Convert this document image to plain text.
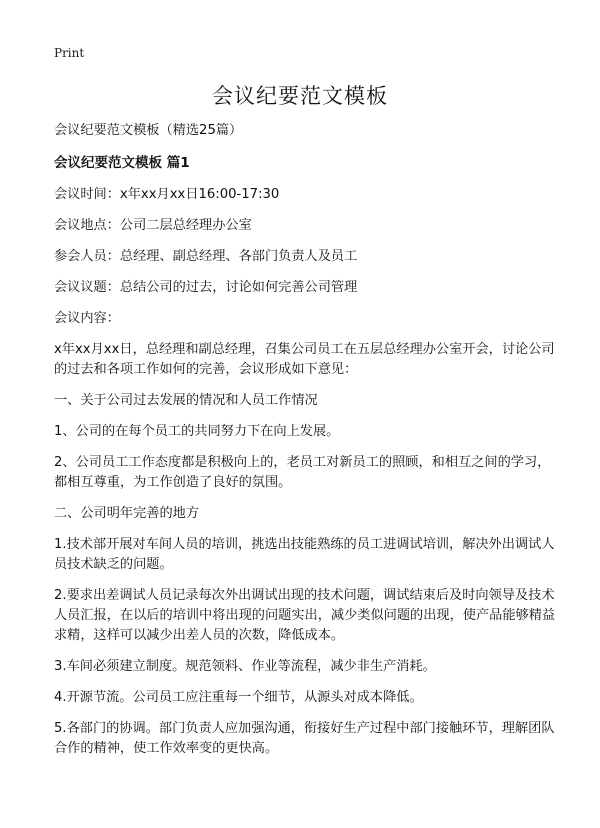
Print
会议纪要范文模板
会议纪要范文模板（精选25篇）
会议纪要范文模板 篇1
会议时间：x年xx月xx日16:00-17:30
会议地点：公司二层总经理办公室
参会人员：总经理、副总经理、各部门负责人及员工
会议议题：总结公司的过去，讨论如何完善公司管理
会议内容：
x年xx月xx日，总经理和副总经理，召集公司员工在五层总经理办公室开会，讨论公司的过去和各项工作如何的完善，会议形成如下意见：
一、关于公司过去发展的情况和人员工作情况
1、公司的在每个员工的共同努力下在向上发展。
2、公司员工工作态度都是积极向上的，老员工对新员工的照顾，和相互之间的学习，都相互尊重，为工作创造了良好的氛围。
二、公司明年完善的地方
1.技术部开展对车间人员的培训，挑选出技能熟练的员工进调试培训，解决外出调试人员技术缺乏的问题。
2.要求出差调试人员记录每次外出调试出现的技术问题，调试结束后及时向领导及技术人员汇报，在以后的培训中将出现的问题实出，减少类似问题的出现，使产品能够精益求精，这样可以减少出差人员的次数，降低成本。
3.车间必须建立制度。规范领料、作业等流程，减少非生产消耗。
4.开源节流。公司员工应注重每一个细节，从源头对成本降低。
5.各部门的协调。部门负责人应加强沟通，衔接好生产过程中部门接触环节，理解团队合作的精神，使工作效率变的更快高。
